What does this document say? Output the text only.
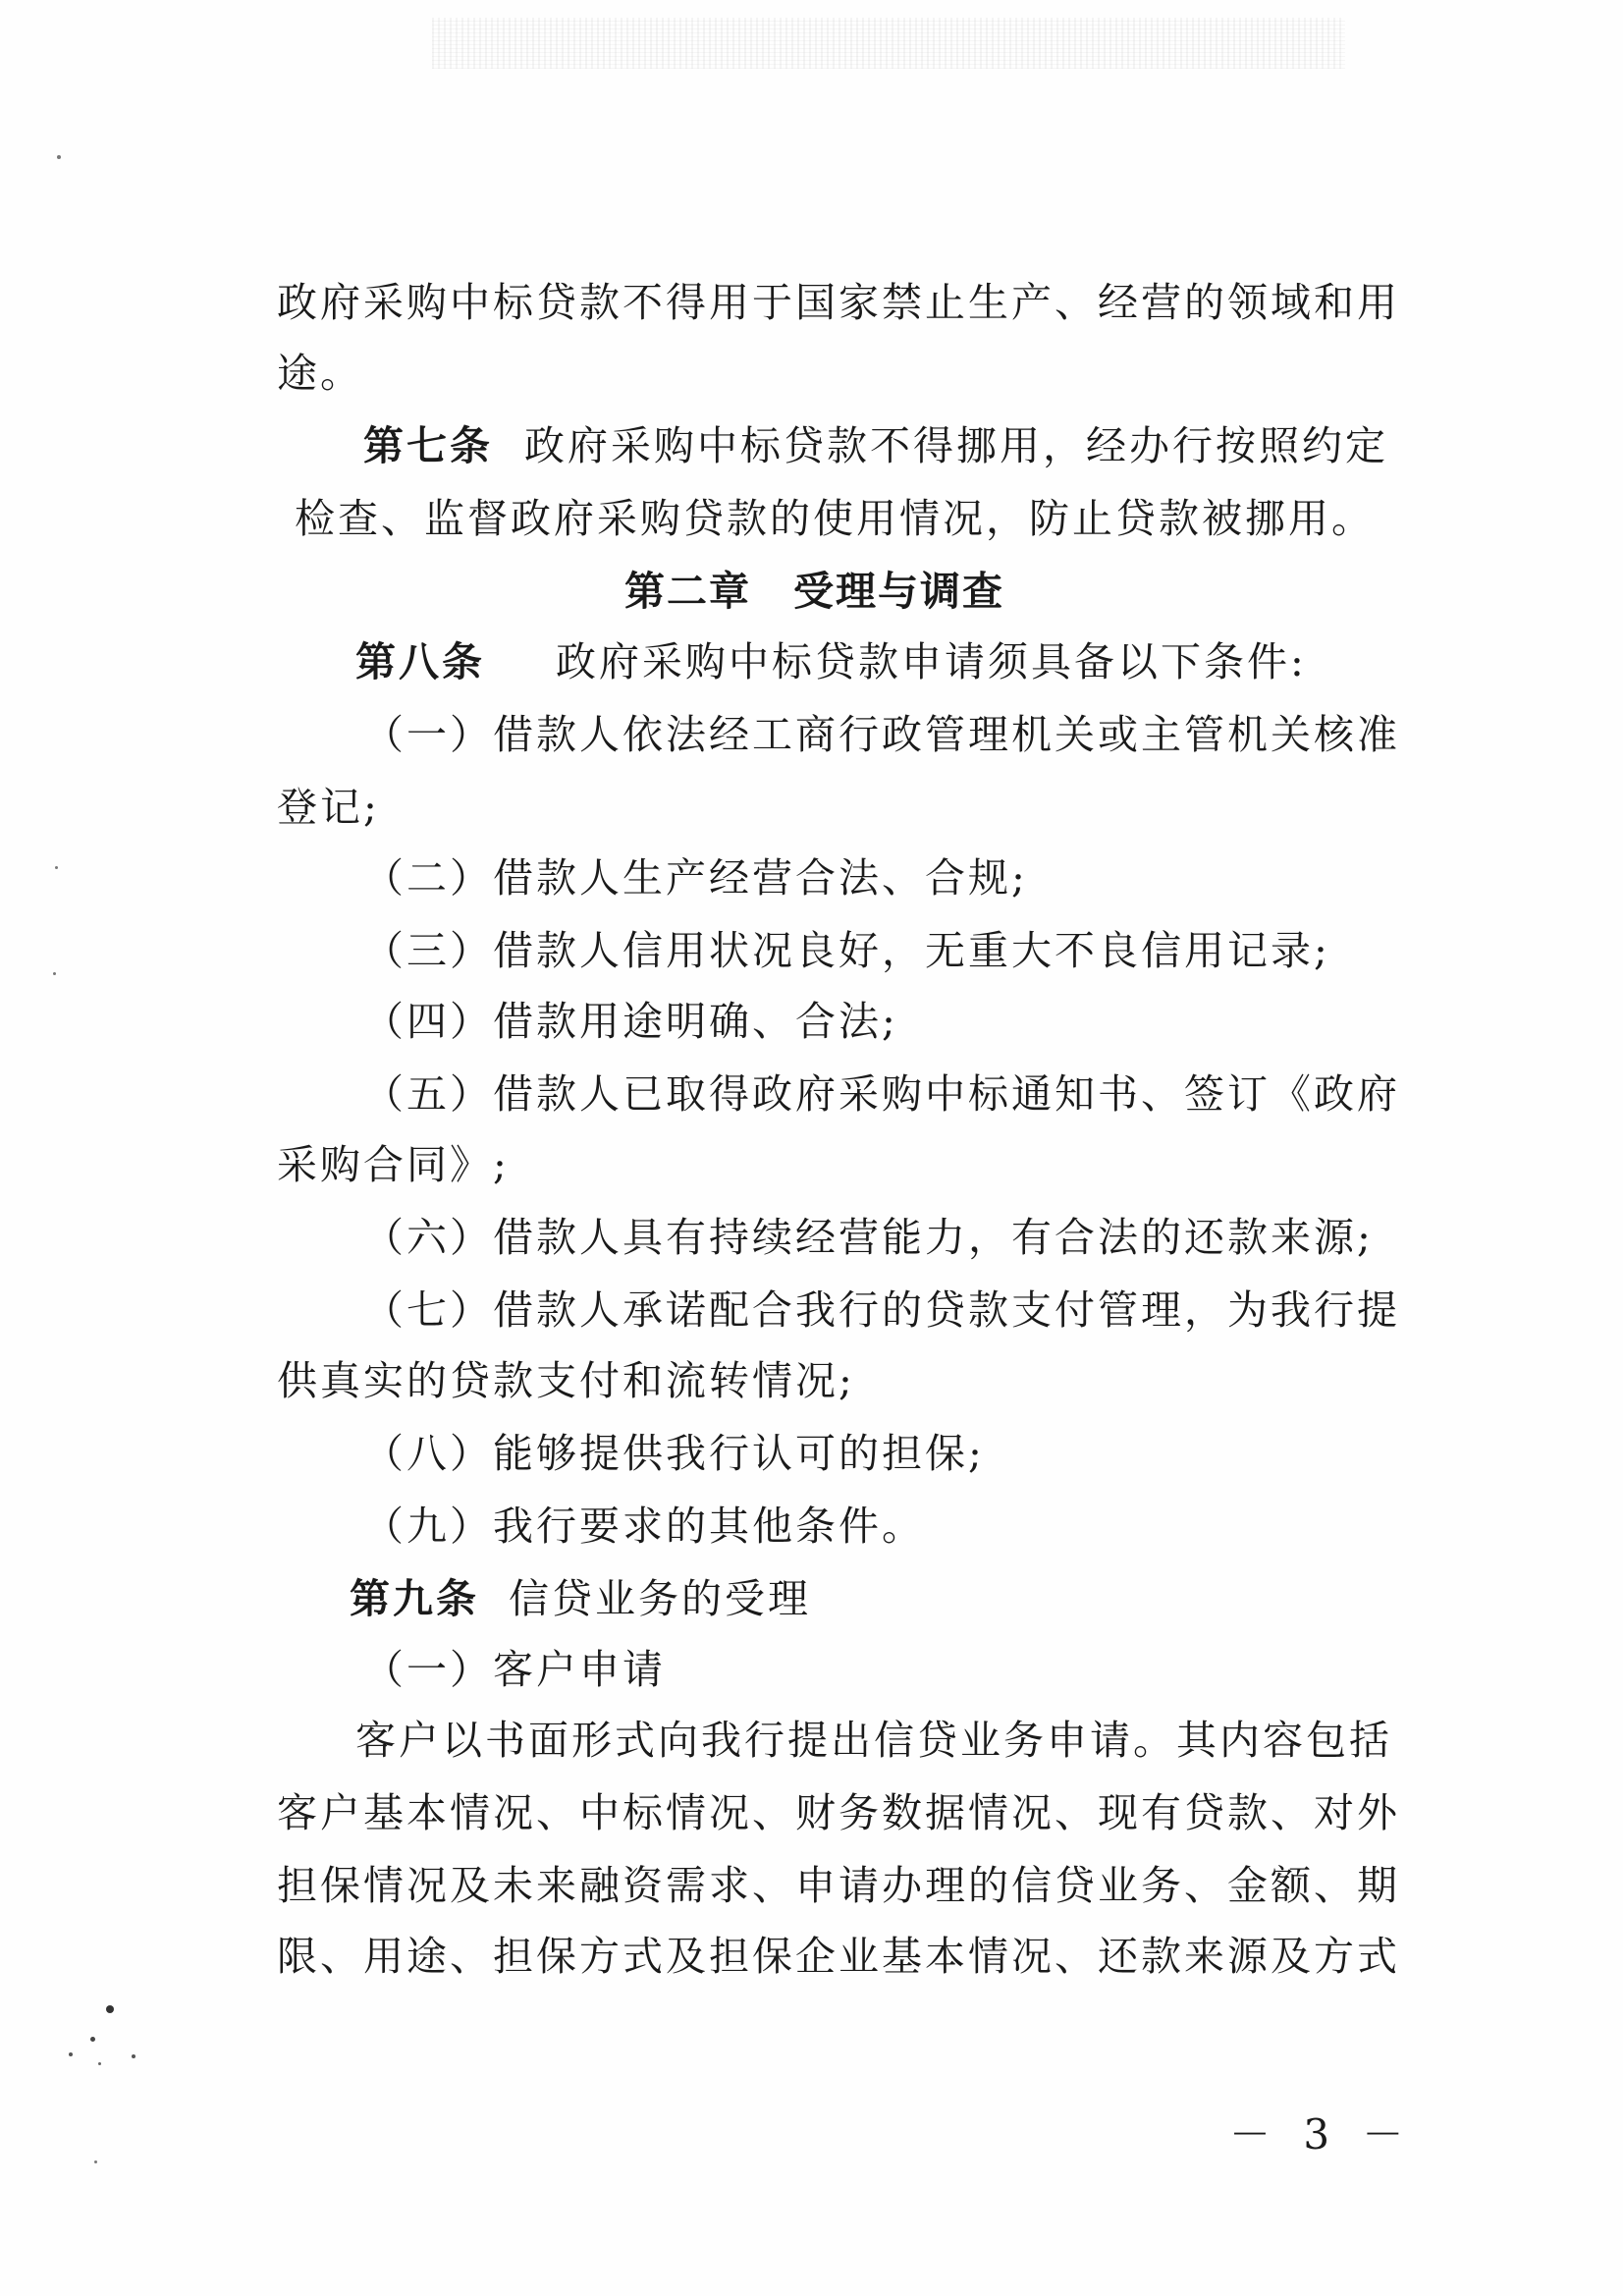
政府采购中标贷款不得用于国家禁止生产、经营的领域和用
途。
第七条 政府采购中标贷款不得挪用，经办行按照约定
检查、监督政府采购贷款的使用情况，防止贷款被挪用。
第二章　受理与调查
第八条 政府采购中标贷款申请须具备以下条件:
（一）借款人依法经工商行政管理机关或主管机关核准
登记;
（二）借款人生产经营合法、合规;
（三）借款人信用状况良好，无重大不良信用记录;
（四）借款用途明确、合法;
（五）借款人已取得政府采购中标通知书、签订《政府
采购合同》;
（六）借款人具有持续经营能力，有合法的还款来源;
（七）借款人承诺配合我行的贷款支付管理，为我行提
供真实的贷款支付和流转情况;
（八）能够提供我行认可的担保;
（九）我行要求的其他条件。
第九条 信贷业务的受理
（一）客户申请
客户以书面形式向我行提出信贷业务申请。其内容包括
客户基本情况、中标情况、财务数据情况、现有贷款、对外
担保情况及未来融资需求、申请办理的信贷业务、金额、期
限、用途、担保方式及担保企业基本情况、还款来源及方式
－ 3 －
